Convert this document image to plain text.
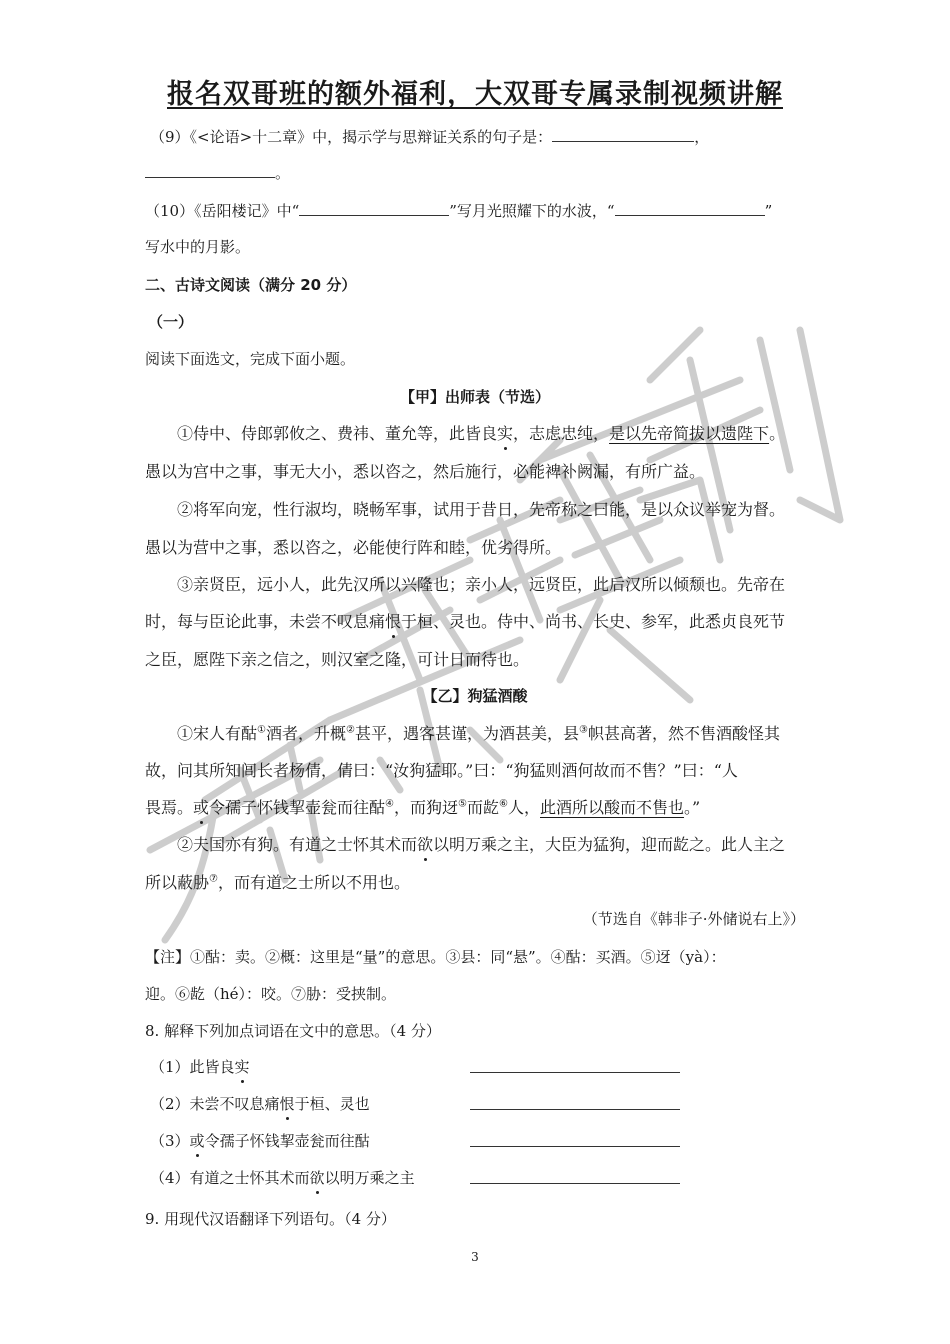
报名双哥班的额外福利，大双哥专属录制视频讲解
（9）《<论语>十二章》中，揭示学与思辩证关系的句子是：	，
。
（10）《岳阳楼记》中“	”写月光照耀下的水波，“	”
写水中的月影。
二、古诗文阅读（满分 20 分）
（一）
阅读下面选文，完成下面小题。
【甲】出师表（节选）
①侍中、侍郎郭攸之、费祎、董允等，此皆良实，志虑忠纯，是以先帝简拔以遗陛下。
愚以为宫中之事，事无大小，悉以咨之，然后施行，必能裨补阙漏，有所广益。
②将军向宠，性行淑均，晓畅军事，试用于昔日，先帝称之曰能，是以众议举宠为督。
愚以为营中之事，悉以咨之，必能使行阵和睦，优劣得所。
③亲贤臣，远小人，此先汉所以兴隆也；亲小人，远贤臣，此后汉所以倾颓也。先帝在
时，每与臣论此事，未尝不叹息痛恨于桓、灵也。侍中、尚书、长史、参军，此悉贞良死节
之臣，愿陛下亲之信之，则汉室之隆，可计日而待也。
【乙】狗猛酒酸
①宋人有酤①酒者，升概②甚平，遇客甚谨，为酒甚美，县③帜甚高著，然不售酒酸怪其
故，问其所知闾长者杨倩，倩曰：“汝狗猛耶。”曰：“狗猛则酒何故而不售？”曰：“人
畏焉。或令孺子怀钱挈壶瓮而往酤④，而狗迓⑤而龁⑥人，此酒所以酸而不售也。”
②夫国亦有狗。有道之士怀其术而欲以明万乘之主，大臣为猛狗，迎而龁之。此人主之
所以蔽胁⑦，而有道之士所以不用也。
（节选自《韩非子·外储说右上》）
【注】①酤：卖。②概：这里是“量”的意思。③县：同“悬”。④酤：买酒。⑤迓（yà）：
迎。⑥龁（hé）：咬。⑦胁：受挟制。
8. 解释下列加点词语在文中的意思。（4 分）
（1）此皆良实
（2）未尝不叹息痛恨于桓、灵也
（3）或令孺子怀钱挈壶瓮而往酤
（4）有道之士怀其术而欲以明万乘之主
9. 用现代汉语翻译下列语句。（4 分）
3
